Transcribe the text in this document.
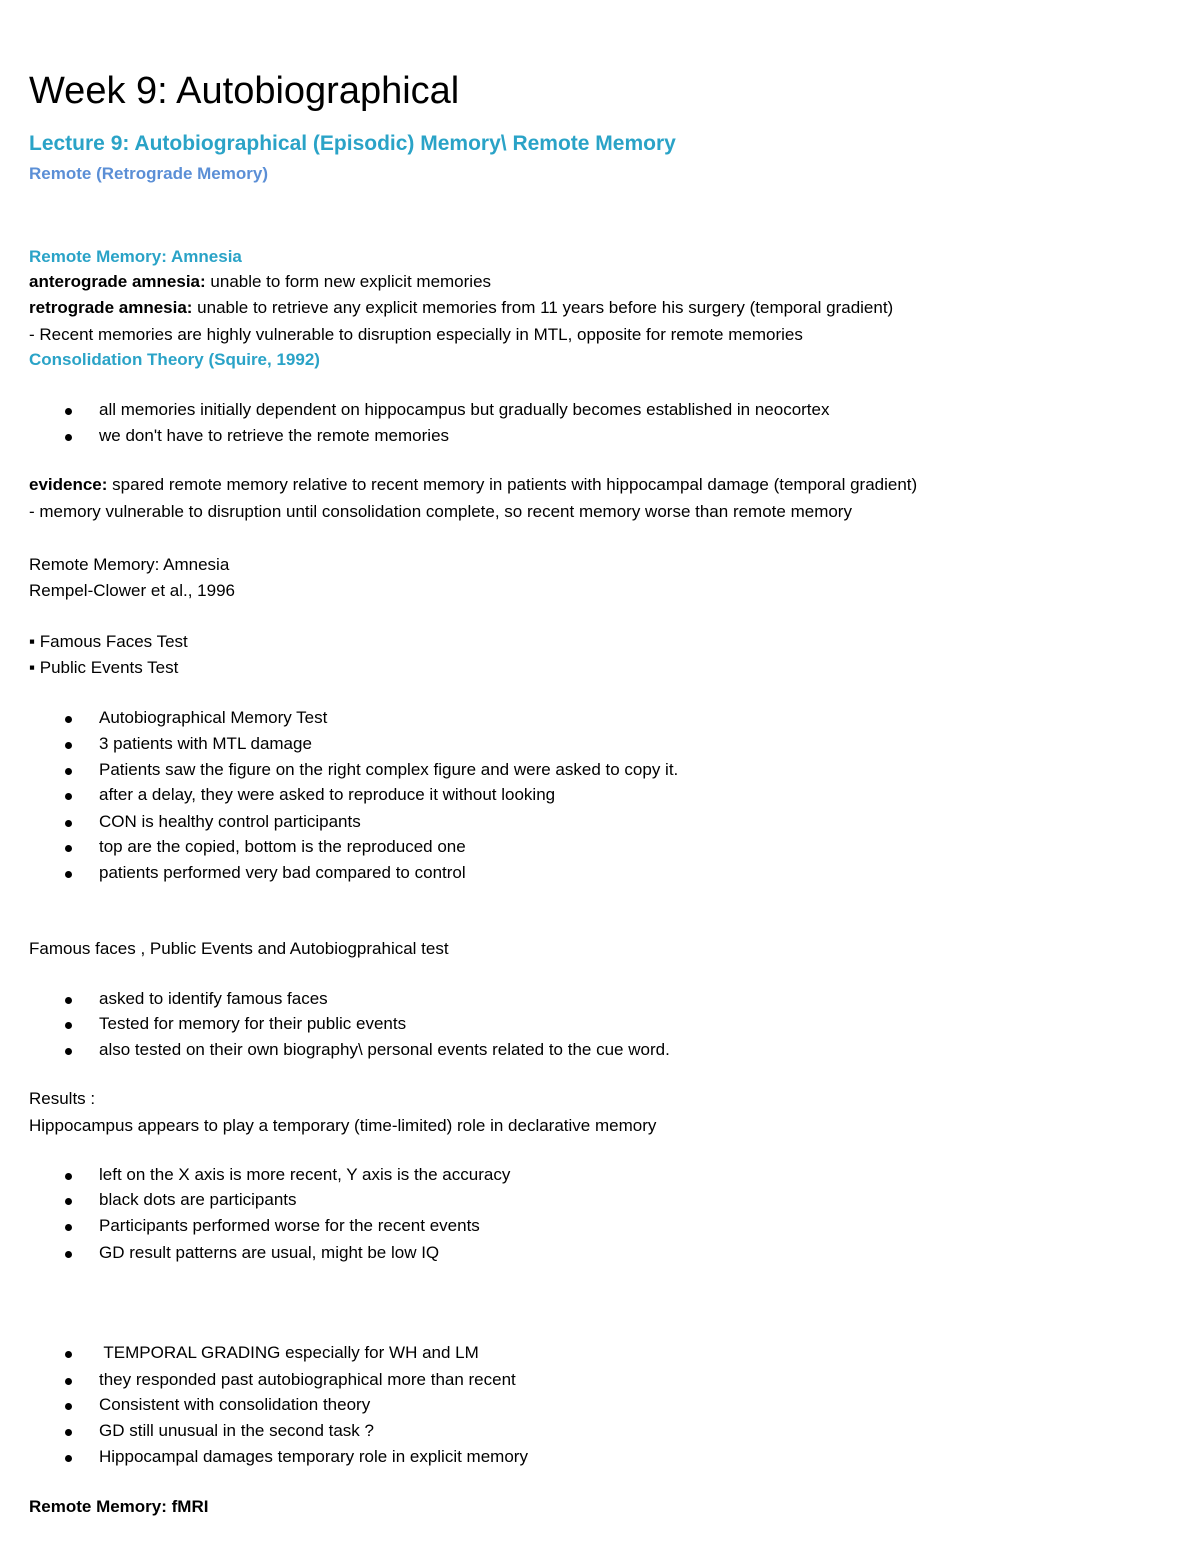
Week 9: Autobiographical
Lecture 9: Autobiographical (Episodic) Memory\ Remote Memory
Remote (Retrograde Memory)
Remote Memory: Amnesia
anterograde amnesia: unable to form new explicit memories
retrograde amnesia: unable to retrieve any explicit memories from 11 years before his surgery (temporal gradient)
- Recent memories are highly vulnerable to disruption especially in MTL, opposite for remote memories
Consolidation Theory (Squire, 1992)
all memories initially dependent on hippocampus but gradually becomes established in neocortex
we don't have to retrieve the remote memories
evidence: spared remote memory relative to recent memory in patients with hippocampal damage (temporal gradient)
- memory vulnerable to disruption until consolidation complete, so recent memory worse than remote memory
Remote Memory: Amnesia
Rempel-Clower et al., 1996
▪ Famous Faces Test
▪ Public Events Test
Autobiographical Memory Test
3 patients with MTL damage
Patients saw the figure on the right complex figure and were asked to copy it.
after a delay, they were asked to reproduce it without looking
CON is healthy control participants
top are the copied, bottom is the reproduced one
patients performed very bad compared to control
Famous faces , Public Events and Autobiogprahical test
asked to identify famous faces
Tested for memory for their public events
also tested on their own biography\ personal events related to the cue word.
Results :
Hippocampus appears to play a temporary (time-limited) role in declarative memory
left on the X axis is more recent, Y axis is the accuracy
black dots are participants
Participants performed worse for the recent events
GD result patterns are usual, might be low IQ
TEMPORAL GRADING especially for WH and LM
they responded past autobiographical more than recent
Consistent with consolidation theory
GD still unusual in the second task ?
Hippocampal damages temporary role in explicit memory
Remote Memory: fMRI
